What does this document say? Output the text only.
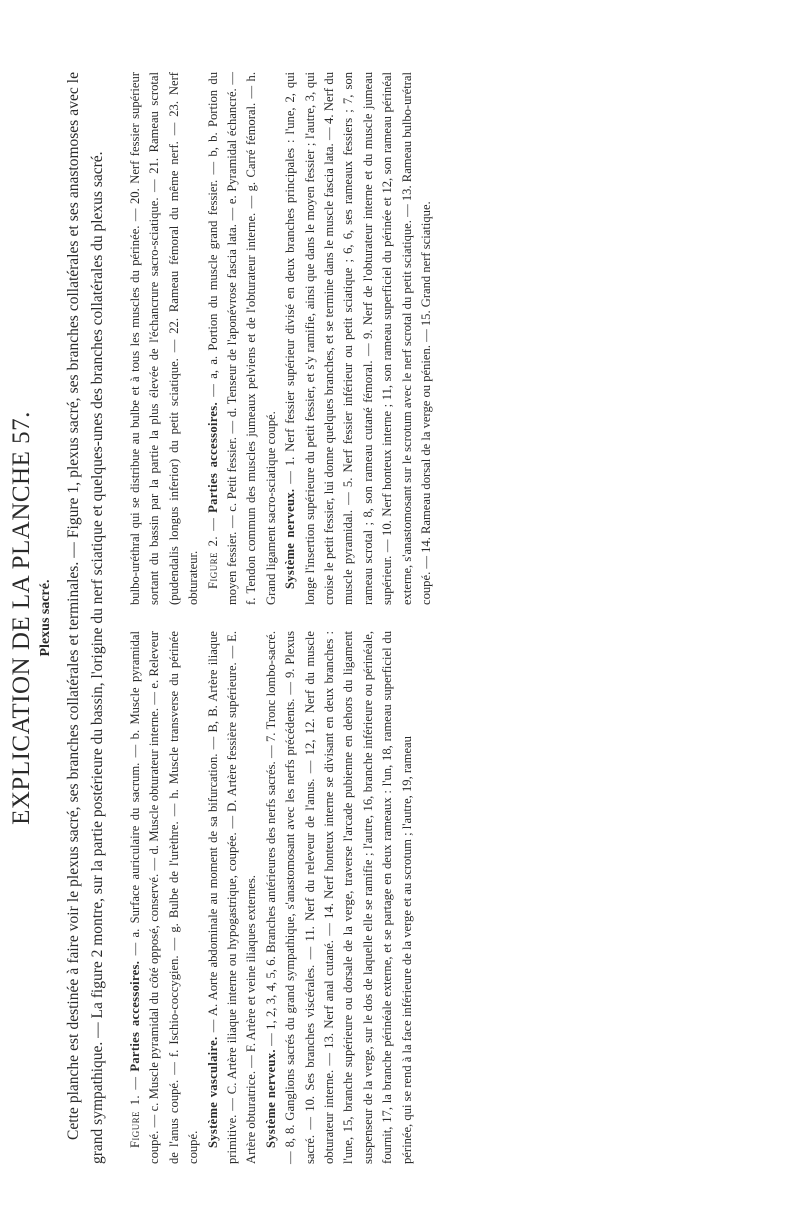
EXPLICATION DE LA PLANCHE 57. Plexus sacré. Cette planche est destinée à faire voir le plexus sacré, ses branches collatérales et terminales. — Figure 1, plexus sacré, ses branches collatérales et ses anastomoses avec le grand sympathique. — La figure 2 montre, sur la partie postérieure du bassin, l'origine du nerf sciatique et quelques-unes des branches collatérales du plexus sacré.	Figure 1. — Parties accessoires. — a. Surface auriculaire du sacrum. — b. Muscle pyramidal coupé. — c. Muscle pyramidal du côté opposé, conservé. — d. Muscle obturateur interne. — e. Releveur de l'anus coupé. — f. Ischio-coccygien. — g. Bulbe de l'urèthre. — h. Muscle transverse du périnée coupé. Système vasculaire. — A. Aorte abdominale au moment de sa bifurcation. — B, B. Artère iliaque primitive. — C. Artère iliaque interne ou hypogastrique, coupée. — D. Artère fessière supérieure. — E. Artère obturatrice. — F. Artère et veine iliaques externes. Système nerveux. — 1, 2, 3, 4, 5, 6. Branches antérieures des nerfs sacrés. — 7. Tronc lombo-sacré. — 8, 8. Ganglions sacrés du grand sympathique, s'anastomosant avec les nerfs précédents. — 9. Plexus sacré. — 10. Ses branches viscérales. — 11. Nerf du releveur de l'anus. — 12, 12. Nerf du muscle obturateur interne. — 13. Nerf anal cutané. — 14. Nerf honteux interne se divisant en deux branches : l'une, 15, branche supérieure ou dorsale de la verge, traverse l'arcade pubienne en dehors du ligament suspenseur de la verge, sur le dos de laquelle elle se ramifie ; l'autre, 16, branche inférieure ou périnéale, fournit, 17, la branche périnéale externe, et se partage en deux rameaux : l'un, 18, rameau superficiel du périnée, qui se rend à la face inférieure de la verge et au scrotum ; l'autre, 19, rameau

bulbo-uréthral qui se distribue au bulbe et à tous les muscles du périnée. — 20. Nerf fessier supérieur sortant du bassin par la partie la plus élevée de l'échancrure sacro-sciatique. — 21. Rameau scrotal (pudendalis longus inferior) du petit sciatique. — 22. Rameau fémoral du même nerf. — 23. Nerf obturateur. Figure 2. — Parties accessoires. — a, a. Portion du muscle grand fessier. — b, b. Portion du moyen fessier. — c. Petit fessier. — d. Tenseur de l'aponévrose fascia lata. — e. Pyramidal échancré. — f. Tendon commun des muscles jumeaux pelviens et de l'obturateur interne. — g. Carré fémoral. — h. Grand ligament sacro-sciatique coupé. Système nerveux. — 1. Nerf fessier supérieur divisé en deux branches principales : l'une, 2, qui longe l'insertion supérieure du petit fessier, et s'y ramifie, ainsi que dans le moyen fessier ; l'autre, 3, qui croise le petit fessier, lui donne quelques branches, et se termine dans le muscle fascia lata. — 4. Nerf du muscle pyramidal. — 5. Nerf fessier inférieur ou petit sciatique ; 6, 6, ses rameaux fessiers ; 7, son rameau scrotal ; 8, son rameau cutané fémoral. — 9. Nerf de l'obturateur interne et du muscle jumeau supérieur. — 10. Nerf honteux interne ; 11, son rameau superficiel du périnée et 12, son rameau périnéal externe, s'anastomosant sur le scrotum avec le nerf scrotal du petit sciatique. — 13. Rameau bulbo-urétral coupé. — 14. Rameau dorsal de la verge ou pénien. — 15. Grand nerf sciatique.
